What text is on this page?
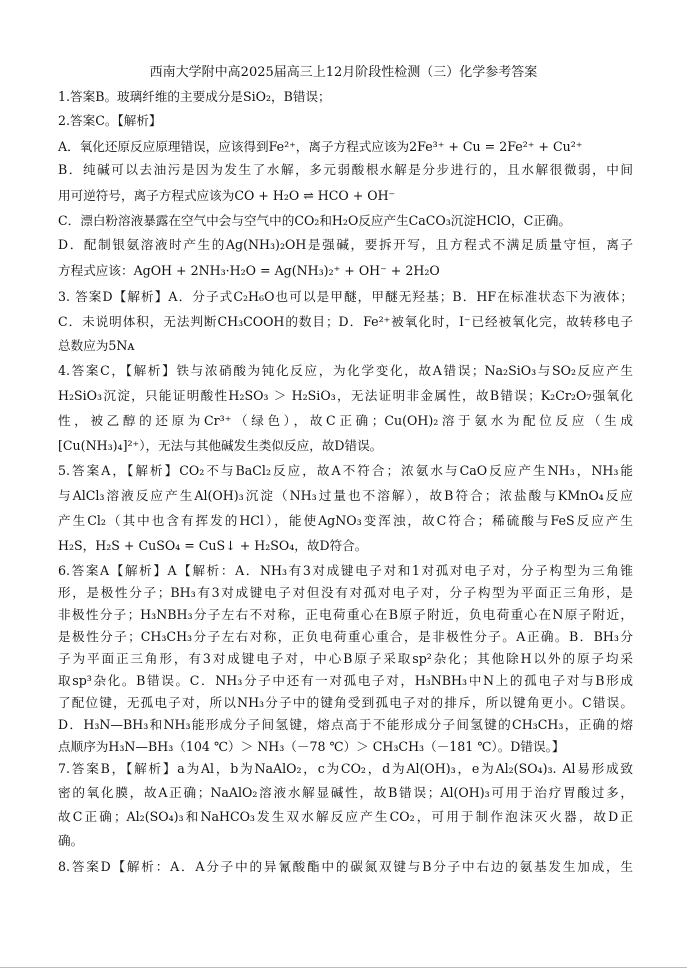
西南大学附中高2025届高三上12月阶段性检测（三）化学参考答案
1.答案B。玻璃纤维的主要成分是SiO₂，B错误；
2.答案C。【解析】
A．氧化还原反应原理错误，应该得到Fe²⁺，离子方程式应该为2Fe³⁺ + Cu = 2Fe²⁺ + Cu²⁺
B．纯碱可以去油污是因为发生了水解，多元弱酸根水解是分步进行的，且水解很微弱，中间
用可逆符号，离子方程式应该为CO + H₂O ⇌ HCO + OH⁻
C．漂白粉溶液暴露在空气中会与空气中的CO₂和H₂O反应产生CaCO₃沉淀HClO，C正确。
D．配制银氨溶液时产生的Ag(NH₃)₂OH是强碱，要拆开写，且方程式不满足质量守恒，离子
方程式应该：AgOH + 2NH₃·H₂O = Ag(NH₃)₂⁺ + OH⁻ + 2H₂O
3. 答案D【解析】A．分子式C₂H₆O也可以是甲醚，甲醚无羟基；B．HF在标准状态下为液体；
C．未说明体积，无法判断CH₃COOH的数目；D．Fe²⁺被氧化时，I⁻已经被氧化完，故转移电子
总数应为5Nᴀ
4.答案C，【解析】铁与浓硝酸为钝化反应，为化学变化，故A错误；Na₂SiO₃与SO₂反应产生
H₂SiO₃沉淀，只能证明酸性H₂SO₃ ＞ H₂SiO₃，无法证明非金属性，故B错误；K₂Cr₂O₇强氧化
性，被乙醇的还原为Cr³⁺（绿色），故C正确；Cu(OH)₂溶于氨水为配位反应（生成
[Cu(NH₃)₄]²⁺），无法与其他碱发生类似反应，故D错误。
5.答案A，【解析】CO₂不与BaCl₂反应，故A不符合；浓氨水与CaO反应产生NH₃，NH₃能
与AlCl₃溶液反应产生Al(OH)₃沉淀（NH₃过量也不溶解），故B符合；浓盐酸与KMnO₄反应
产生Cl₂（其中也含有挥发的HCl），能使AgNO₃变浑浊，故C符合；稀硫酸与FeS反应产生
H₂S，H₂S + CuSO₄ = CuS↓ + H₂SO₄，故D符合。
6.答案A【解析】A【解析：A．NH₃有3对成键电子对和1对孤对电子对，分子构型为三角锥
形，是极性分子；BH₃有3对成键电子对但没有对孤对电子对，分子构型为平面正三角形，是
非极性分子；H₃NBH₃分子左右不对称，正电荷重心在B原子附近，负电荷重心在N原子附近，
是极性分子；CH₃CH₃分子左右对称，正负电荷重心重合，是非极性分子。A正确。B．BH₃分
子为平面正三角形，有3对成键电子对，中心B原子采取sp²杂化；其他除H以外的原子均采
取sp³杂化。B错误。C．NH₃分子中还有一对孤电子对，H₃NBH₃中N上的孤电子对与B形成
了配位键，无孤电子对，所以NH₃分子中的键角受到孤电子对的排斥，所以键角更小。C错误。
D．H₃N—BH₃和NH₃能形成分子间氢键，熔点高于不能形成分子间氢键的CH₃CH₃，正确的熔
点顺序为H₃N—BH₃（104 ℃）＞ NH₃（－78 ℃）＞ CH₃CH₃（－181 ℃）。D错误。】
7.答案B，【解析】a为Al，b为NaAlO₂，c为CO₂，d为Al(OH)₃，e为Al₂(SO₄)₃. Al易形成致
密的氧化膜，故A正确；NaAlO₂溶液水解显碱性，故B错误；Al(OH)₃可用于治疗胃酸过多，
故C正确；Al₂(SO₄)₃和NaHCO₃发生双水解反应产生CO₂，可用于制作泡沫灭火器，故D正
确。
8.答案D【解析：A．A分子中的异氰酸酯中的碳氮双键与B分子中右边的氨基发生加成，生
